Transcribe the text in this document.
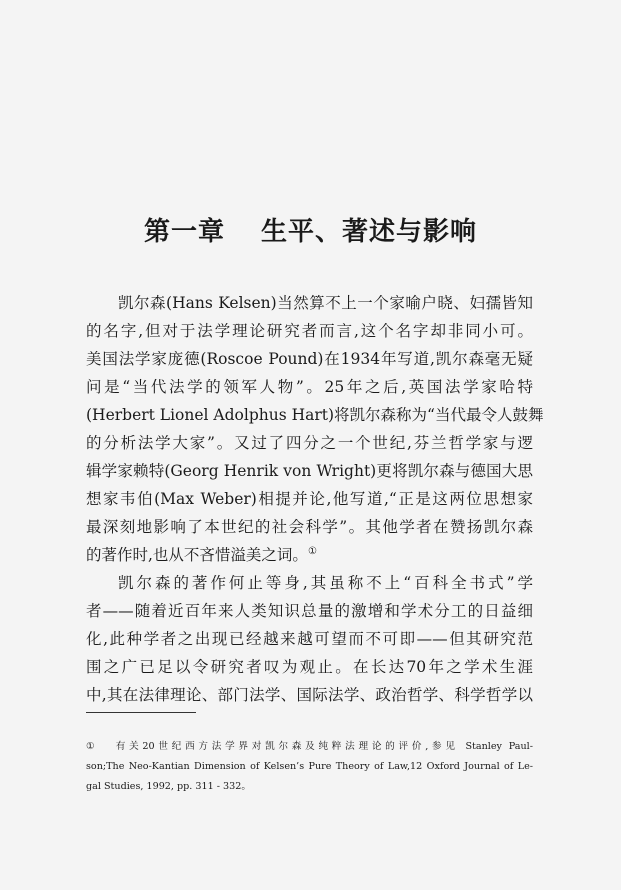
第一章 生平、著述与影响
凯尔森(Hans Kelsen)当然算不上一个家喻户晓、妇孺皆知
的名字,但对于法学理论研究者而言,这个名字却非同小可。
美国法学家庞德(Roscoe Pound)在1934年写道,凯尔森毫无疑
问是“当代法学的领军人物”。25年之后,英国法学家哈特
(Herbert Lionel Adolphus Hart)将凯尔森称为“当代最令人鼓舞
的分析法学大家”。又过了四分之一个世纪,芬兰哲学家与逻
辑学家赖特(Georg Henrik von Wright)更将凯尔森与德国大思
想家韦伯(Max Weber)相提并论,他写道,“正是这两位思想家
最深刻地影响了本世纪的社会科学”。其他学者在赞扬凯尔森
的著作时,也从不吝惜溢美之词。①
凯尔森的著作何止等身,其虽称不上“百科全书式”学
者——随着近百年来人类知识总量的激增和学术分工的日益细
化,此种学者之出现已经越来越可望而不可即——但其研究范
围之广已足以令研究者叹为观止。在长达70年之学术生涯
中,其在法律理论、部门法学、国际法学、政治哲学、科学哲学以
① 有关20世纪西方法学界对凯尔森及纯粹法理论的评价,参见 Stanley Paul-
son;The Neo-Kantian Dimension of Kelsen’s Pure Theory of Law,12 Oxford Journal of Le-
gal Studies, 1992, pp. 311 - 332。
